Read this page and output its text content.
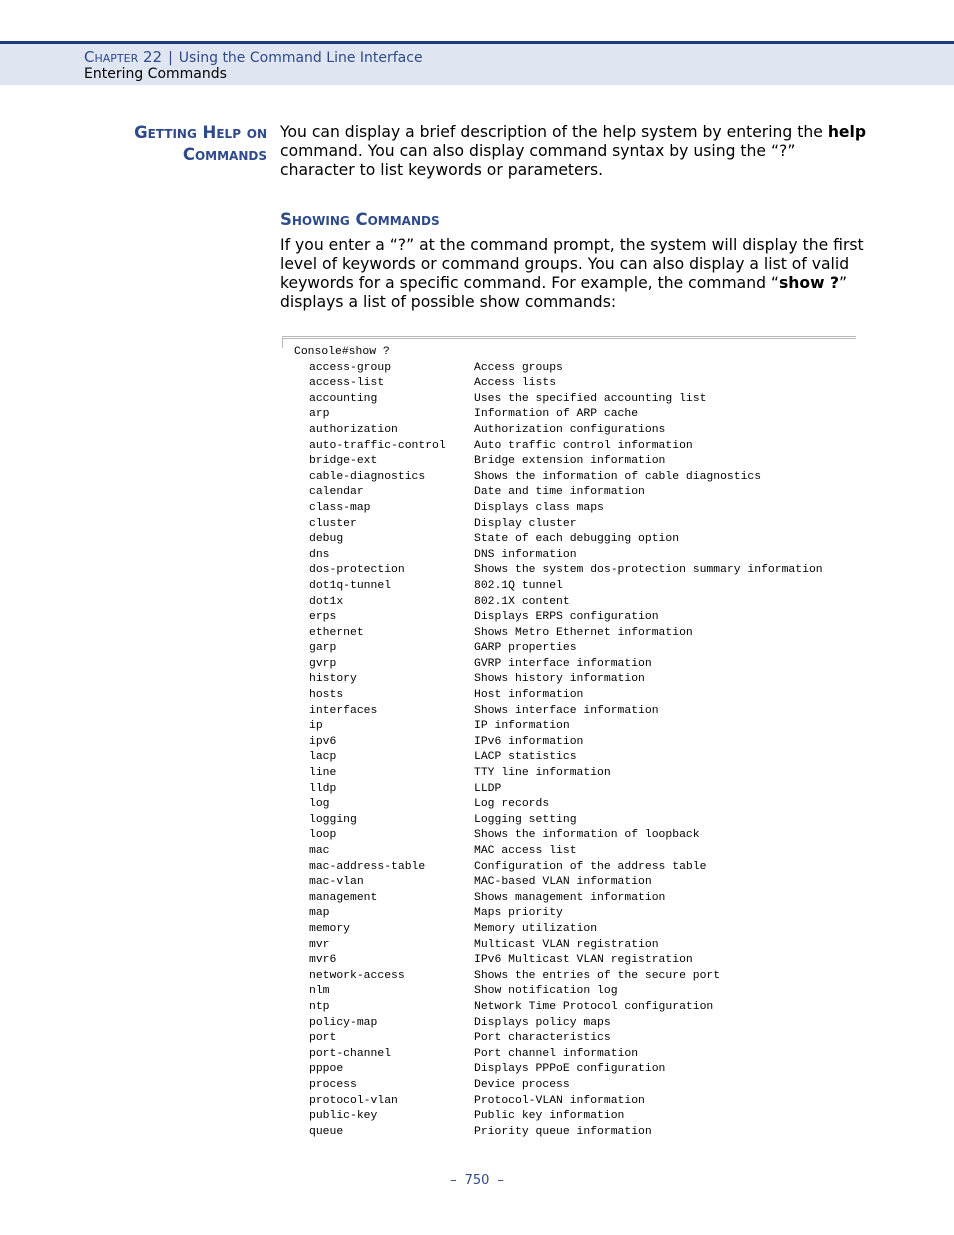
Chapter 22 | Using the Command Line Interface
Entering Commands
Getting Help on
Commands
You can display a brief description of the help system by entering the help command. You can also display command syntax by using the “?” character to list keywords or parameters.
Showing Commands
If you enter a “?” at the command prompt, the system will display the first level of keywords or command groups. You can also display a list of valid keywords for a specific command. For example, the command “show ?” displays a list of possible show commands:
Console#show ?
access-group	Access groups
access-list	Access lists
accounting	Uses the specified accounting list
arp	Information of ARP cache
authorization	Authorization configurations
auto-traffic-control Auto traffic control information
bridge-ext	Bridge extension information
cable-diagnostics	Shows the information of cable diagnostics
calendar	Date and time information
class-map	Displays class maps
cluster	Display cluster
debug	State of each debugging option
dns	DNS information
dos-protection	Shows the system dos-protection summary information
dot1q-tunnel	802.1Q tunnel
dot1x	802.1X content
erps	Displays ERPS configuration
ethernet	Shows Metro Ethernet information
garp	GARP properties
gvrp	GVRP interface information
history	Shows history information
hosts	Host information
interfaces	Shows interface information
ip	IP information
ipv6	IPv6 information
lacp	LACP statistics
line	TTY line information
lldp	LLDP
log	Log records
logging	Logging setting
loop	Shows the information of loopback
mac	MAC access list
mac-address-table	Configuration of the address table
mac-vlan	MAC-based VLAN information
management	Shows management information
map	Maps priority
memory	Memory utilization
mvr	Multicast VLAN registration
mvr6	IPv6 Multicast VLAN registration
network-access	Shows the entries of the secure port
nlm	Show notification log
ntp	Network Time Protocol configuration
policy-map	Displays policy maps
port	Port characteristics
port-channel	Port channel information
pppoe	Displays PPPoE configuration
process	Device process
protocol-vlan	Protocol-VLAN information
public-key	Public key information
queue	Priority queue information
– 750 –
